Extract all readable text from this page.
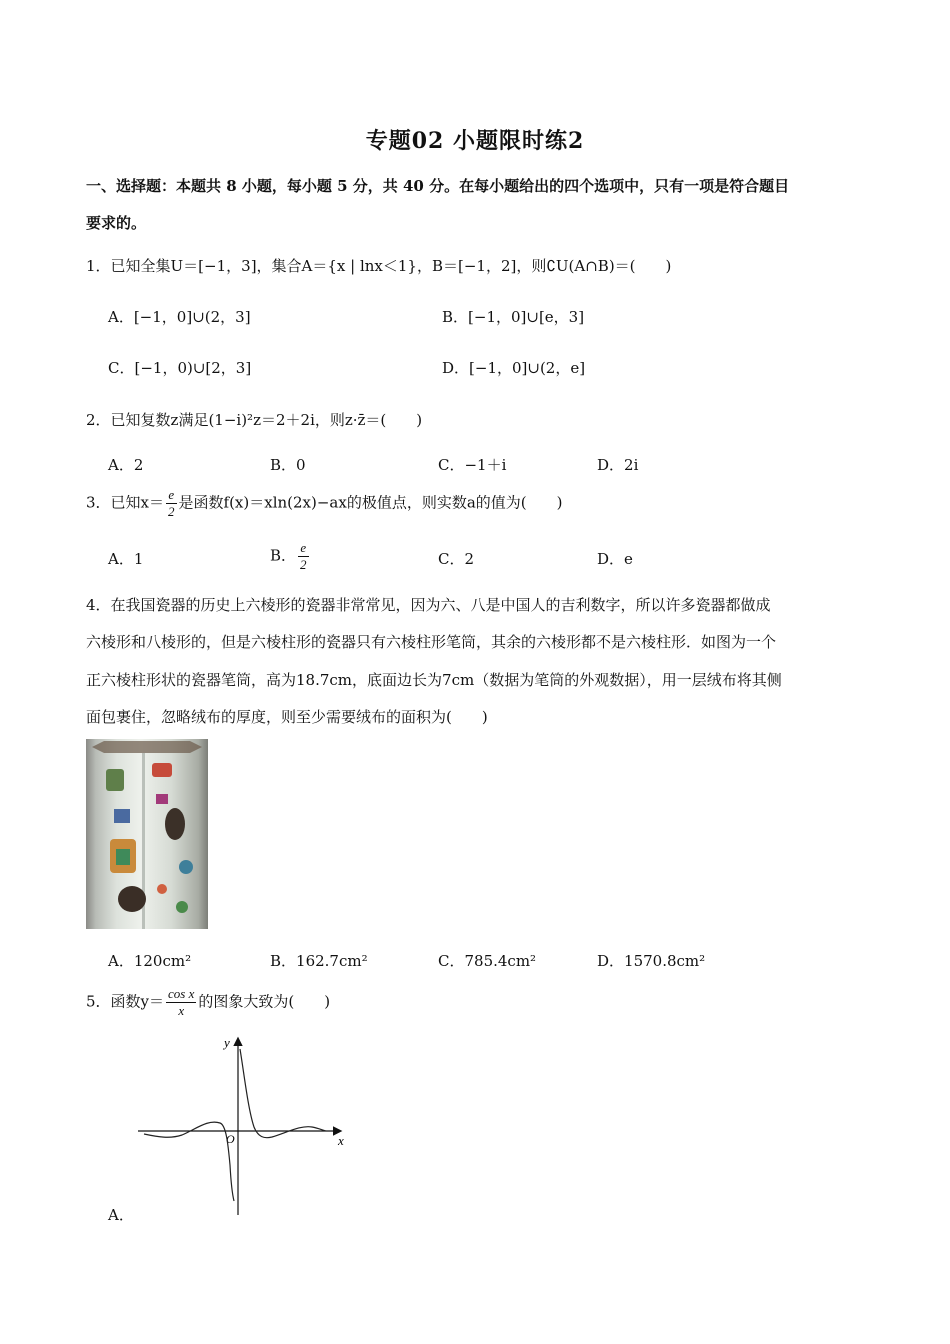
专题02 小题限时练2
一、选择题：本题共 8 小题，每小题 5 分，共 40 分。在每小题给出的四个选项中，只有一项是符合题目
要求的。
1．已知全集U＝[−1，3]，集合A＝{x | lnx＜1}，B＝[−1，2]，则∁U(A∩B)＝(　　)
A．[−1，0]∪(2，3]	B．[−1，0]∪[e，3]
C．[−1，0)∪[2，3]	D．[−1，0]∪(2，e]
2．已知复数z满足(1−i)²z＝2＋2i，则z·z̄＝(　　)
A．2	B．0	C．−1＋i	D．2i
3．已知$x= \frac{e}{2}$ 是函数f(x)＝xln(2x)−ax的极值点，则实数a的值为(　　)
A．1	B． $\frac{e}{2}$	C．2	D．e
4．在我国瓷器的历史上六棱形的瓷器非常常见，因为六、八是中国人的吉利数字，所以许多瓷器都做成
六棱形和八棱形的，但是六棱柱形的瓷器只有六棱柱形笔筒，其余的六棱形都不是六棱柱形．如图为一个
正六棱柱形状的瓷器笔筒，高为18.7cm，底面边长为7cm（数据为笔筒的外观数据），用一层绒布将其侧
面包裹住，忽略绒布的厚度，则至少需要绒布的面积为(　　)
A．120cm²	B．162.7cm²	C．785.4cm²	D．1570.8cm²
5．函数$y= \frac{\text{cos x}}{x}$ 的图象大致为(　　)
y
x
O
A．
